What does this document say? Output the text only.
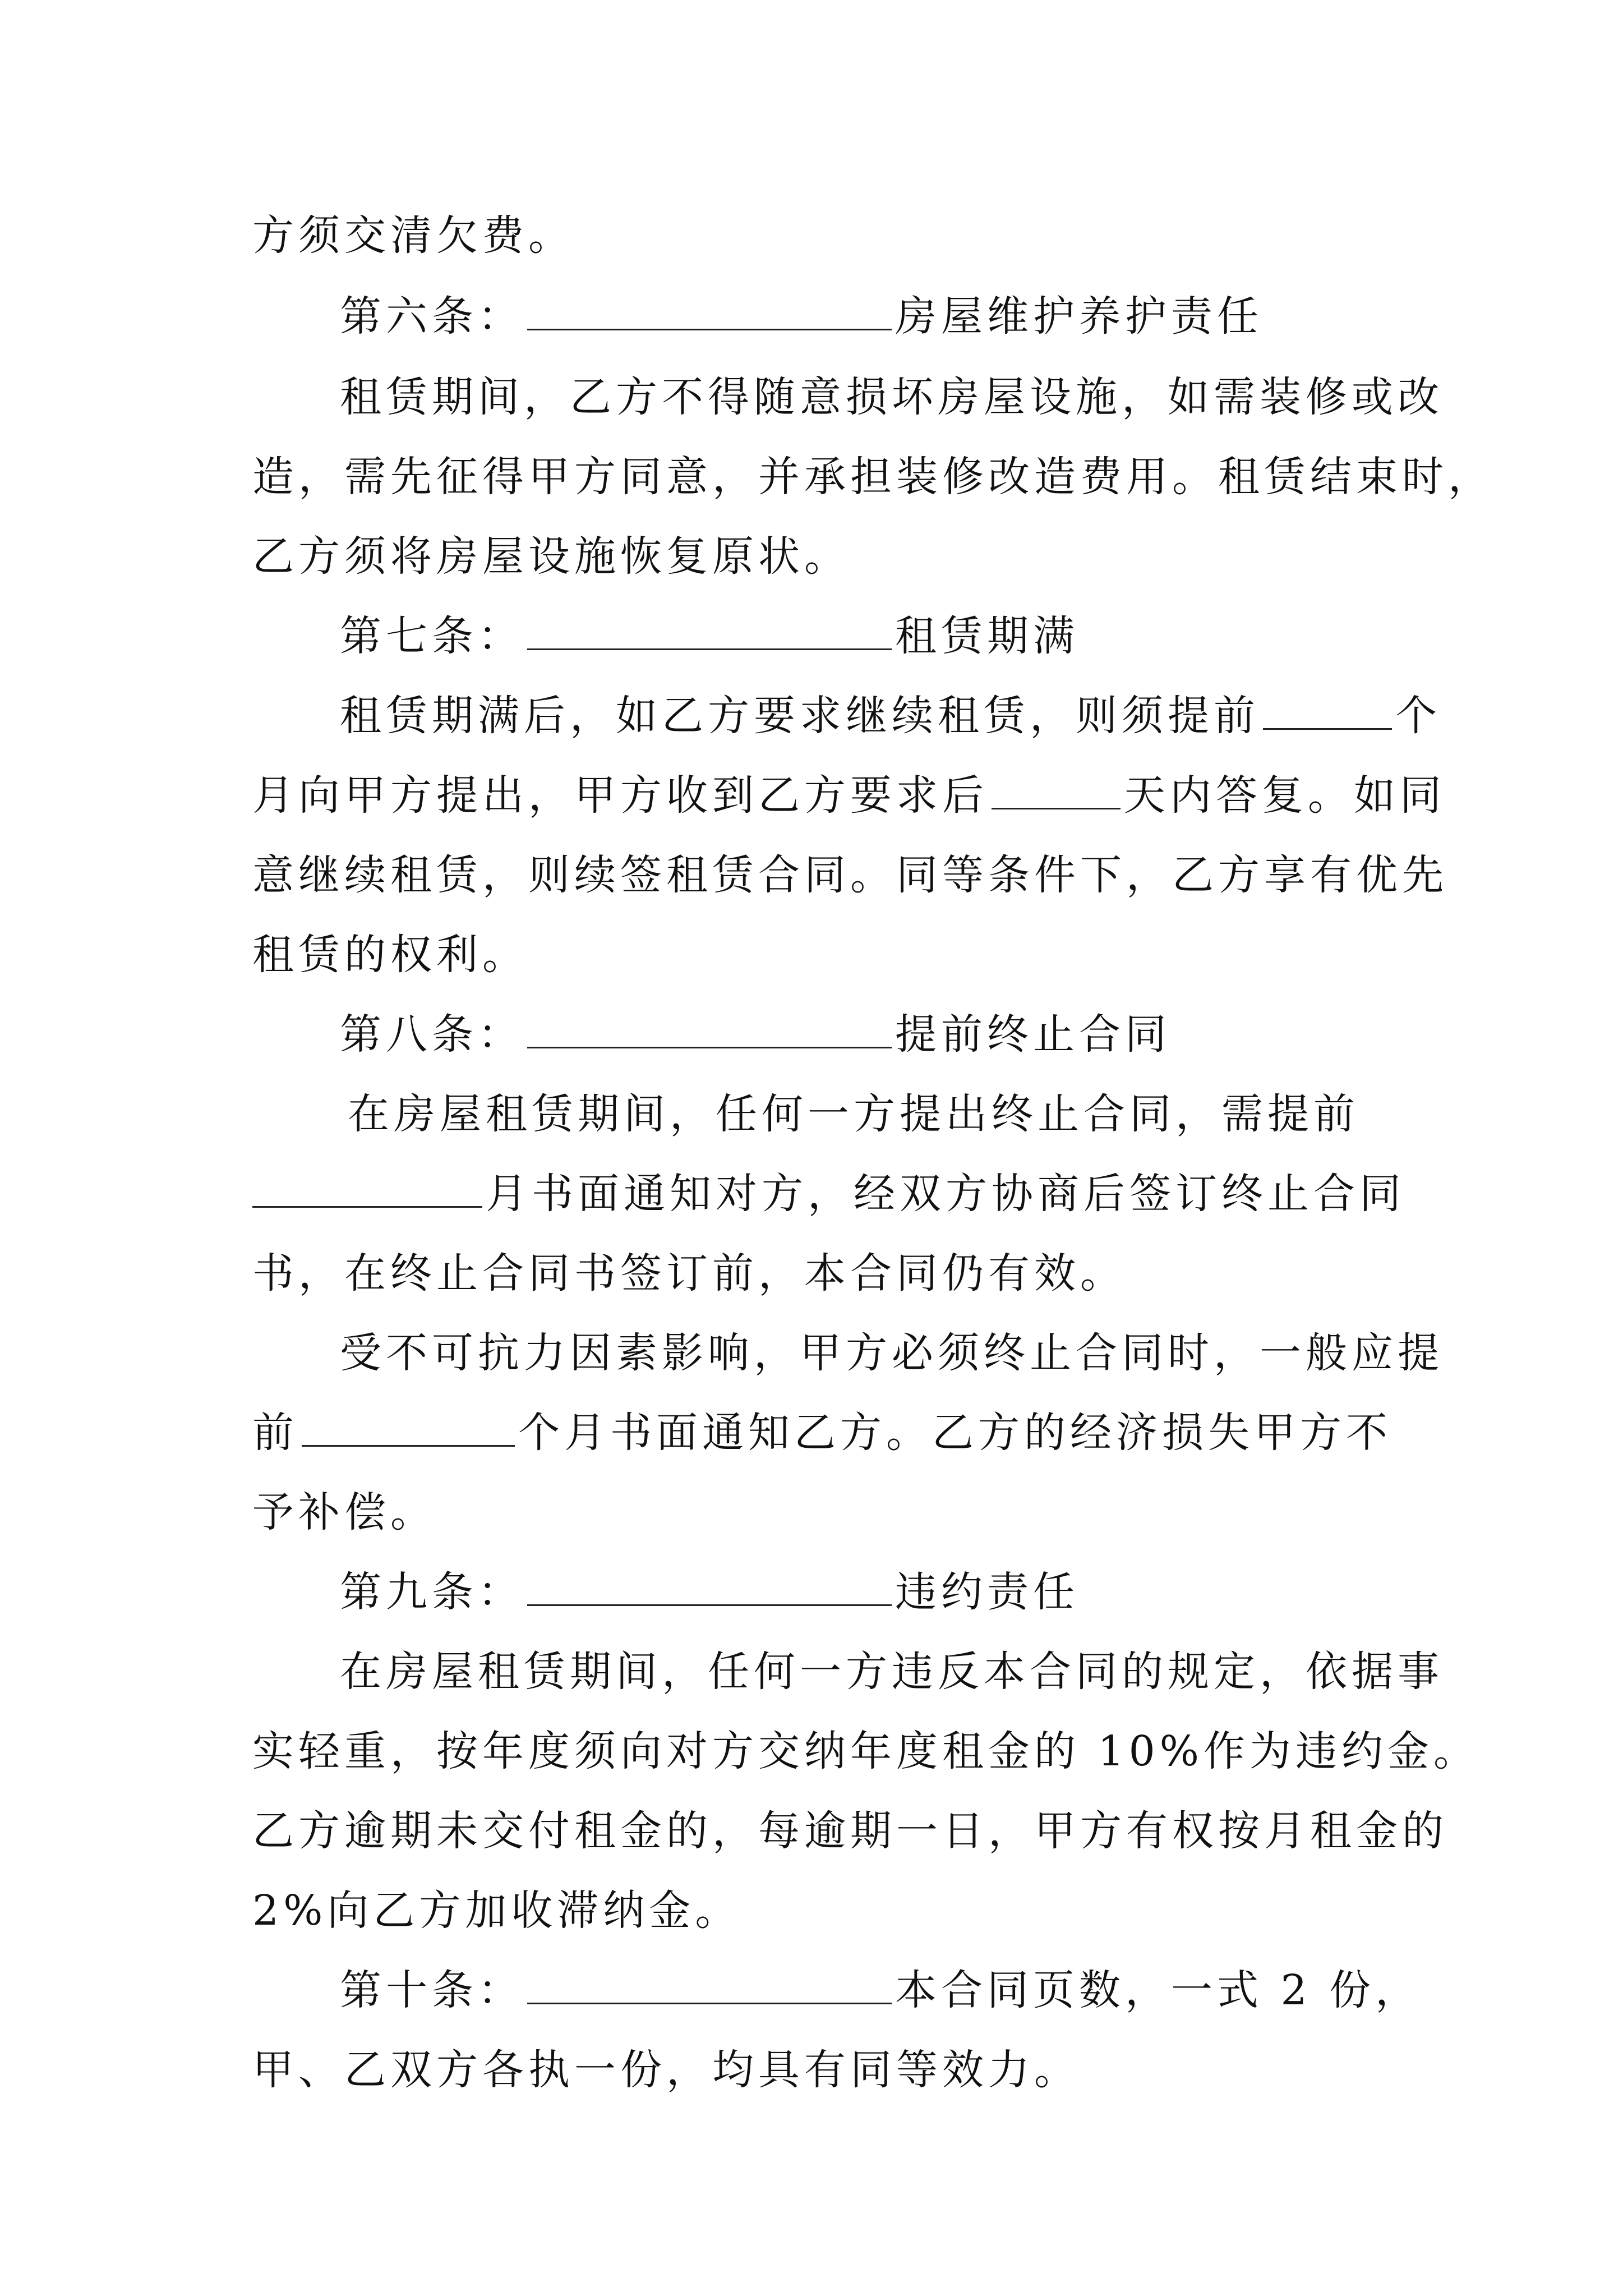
方须交清欠费。
第六条：	房屋维护养护责任
租赁期间，乙方不得随意损坏房屋设施，如需装修或改
造，需先征得甲方同意，并承担装修改造费用。租赁结束时，
乙方须将房屋设施恢复原状。
第七条：	租赁期满
租赁期满后，如乙方要求继续租赁，则须提前	个
月向甲方提出，甲方收到乙方要求后	天内答复。如同
意继续租赁，则续签租赁合同。同等条件下，乙方享有优先
租赁的权利。
第八条：	提前终止合同
在房屋租赁期间，任何一方提出终止合同，需提前
月书面通知对方，经双方协商后签订终止合同
书，在终止合同书签订前，本合同仍有效。
受不可抗力因素影响，甲方必须终止合同时，一般应提
前	个月书面通知乙方。乙方的经济损失甲方不
予补偿。
第九条：	违约责任
在房屋租赁期间，任何一方违反本合同的规定，依据事
实轻重，按年度须向对方交纳年度租金的 10%作为违约金。
乙方逾期未交付租金的，每逾期一日，甲方有权按月租金的
2%向乙方加收滞纳金。
第十条：	本合同页数，一式 2 份，
甲、乙双方各执一份，均具有同等效力。
